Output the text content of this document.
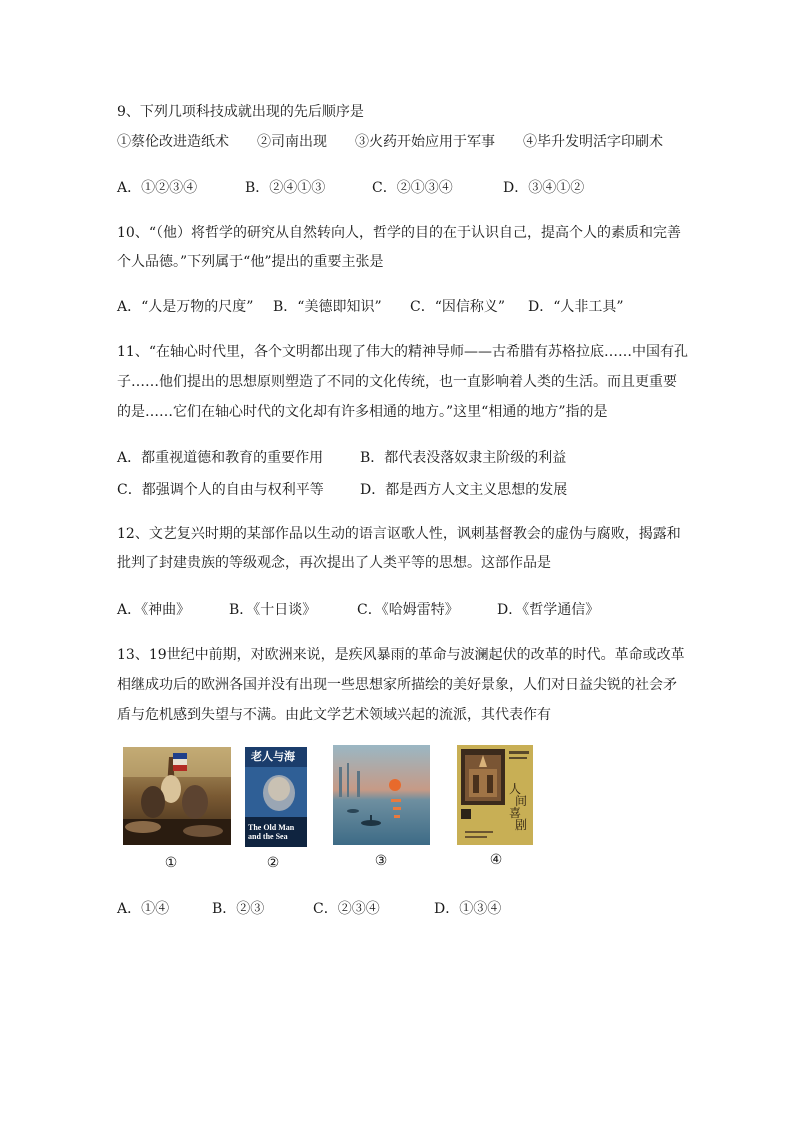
9、下列几项科技成就出现的先后顺序是
①蔡伦改进造纸术　　②司南出现　　③火药开始应用于军事　　④毕升发明活字印刷术
A．①②③④	B．②④①③	C．②①③④	D．③④①②
10、“（他）将哲学的研究从自然转向人，哲学的目的在于认识自己，提高个人的素质和完善
个人品德。”下列属于“他”提出的重要主张是
A．“人是万物的尺度” B．“美德即知识” C．“因信称义” D．“人非工具”
11、“在轴心时代里，各个文明都出现了伟大的精神导师——古希腊有苏格拉底……中国有孔
子……他们提出的思想原则塑造了不同的文化传统，也一直影响着人类的生活。而且更重要
的是……它们在轴心时代的文化却有许多相通的地方。”这里“相通的地方”指的是
A．都重视道德和教育的重要作用	B．都代表没落奴隶主阶级的利益
C．都强调个人的自由与权利平等	D．都是西方人文主义思想的发展
12、文艺复兴时期的某部作品以生动的语言讴歌人性，讽刺基督教会的虚伪与腐败，揭露和
批判了封建贵族的等级观念，再次提出了人类平等的思想。这部作品是
A．《神曲》	B．《十日谈》	C．《哈姆雷特》	D．《哲学通信》
13、19世纪中前期，对欧洲来说，是疾风暴雨的革命与波澜起伏的改革的时代。革命或改革
相继成功后的欧洲各国并没有出现一些思想家所描绘的美好景象，人们对日益尖锐的社会矛
盾与危机感到失望与不满。由此文学艺术领域兴起的流派，其代表作有
①
老人与海
The Old Man
and the Sea
②	③
人
间
喜
剧
④
A．①④	B．②③	C．②③④	D．①③④
